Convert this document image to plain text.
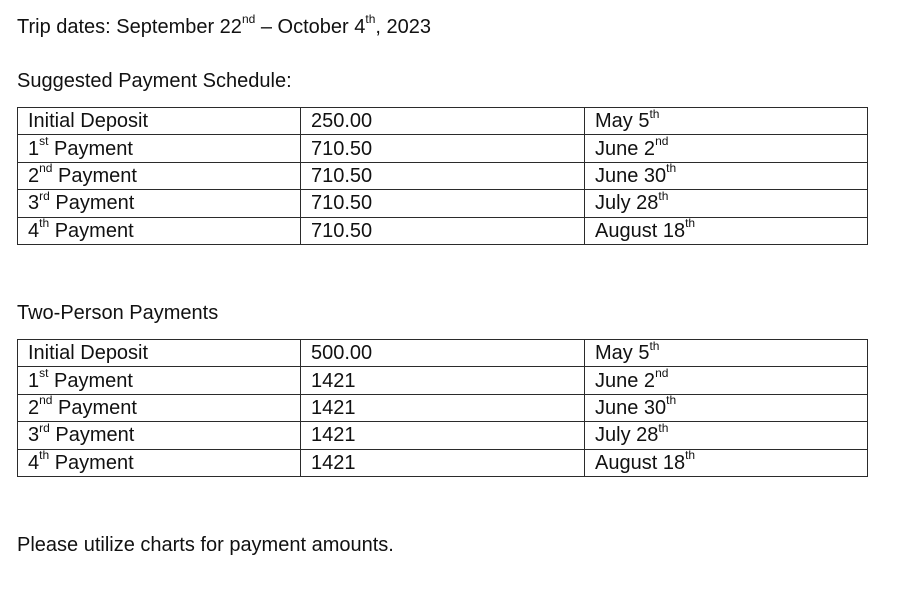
Trip dates: September 22nd – October 4th, 2023
Suggested Payment Schedule:
Initial Deposit	250.00	May 5th
1st Payment	710.50	June 2nd
2nd Payment	710.50	June 30th
3rd Payment	710.50	July 28th
4th Payment	710.50	August 18th
Two-Person Payments
Initial Deposit	500.00	May 5th
1st Payment	1421	June 2nd
2nd Payment	1421	June 30th
3rd Payment	1421	July 28th
4th Payment	1421	August 18th
Please utilize charts for payment amounts.
